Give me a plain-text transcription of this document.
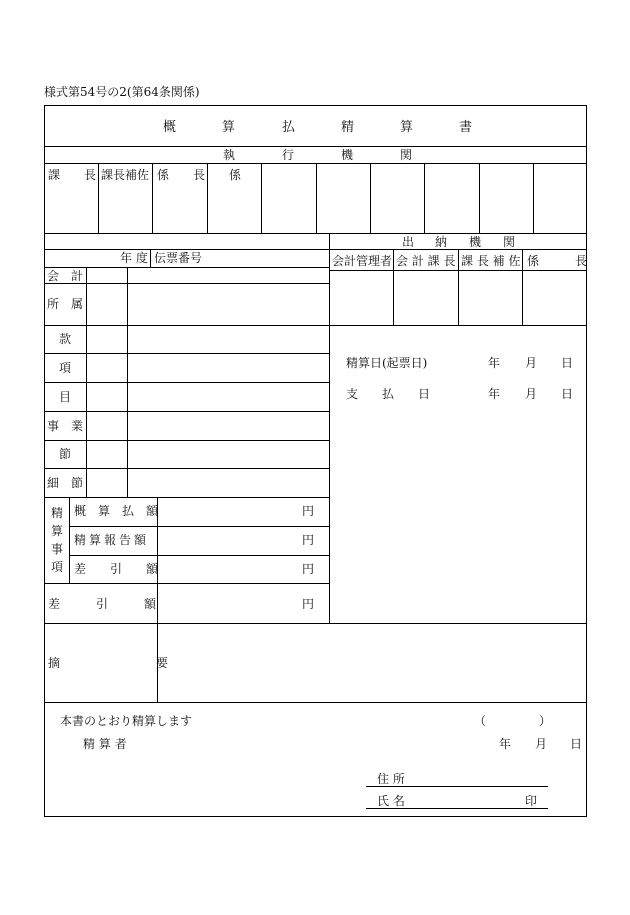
様式第54号の2(第64条関係)
概	算	払	精	算	書
執	行	機	関
課　　長 課長補佐 係　　長 係
出 納 機 関
会計管理者 会 計 課 長 課 長 補 佐 係　　　長
年 度 伝票番号
会　計
所　属
款
項
目
事　業
節
細　節
精算日(起票日)	年 月 日
支　　払　　日	年 月 日
精
算
事
項
概　算　払　額	円
精算報告額	円
差　　引　　額	円
差　　　引　　　額	円
摘　　　　　　　　要
本書のとおり精算します	（	）
精 算 者	年 月 日
住 所
氏 名	印
